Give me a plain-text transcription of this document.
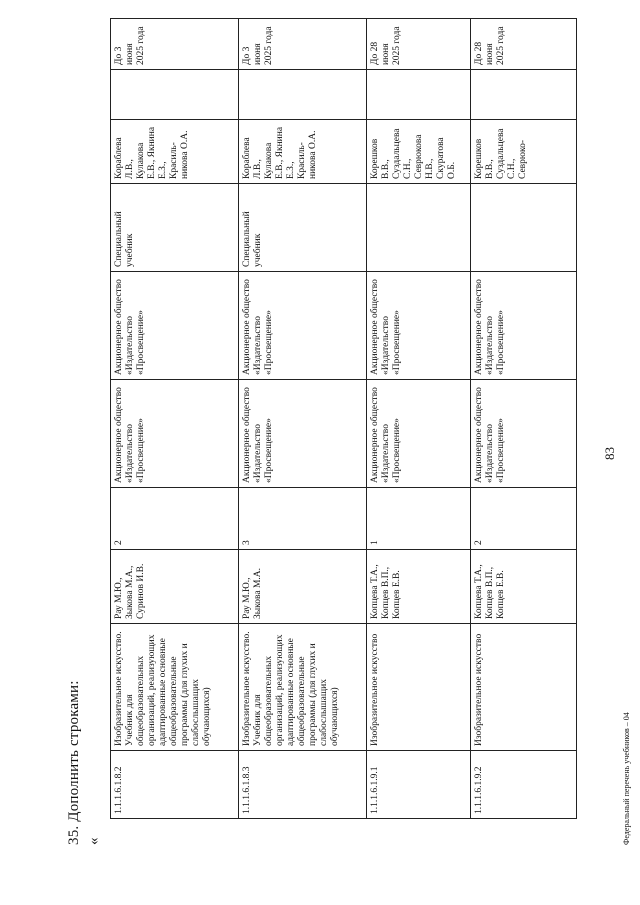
83
35. Дополнить строками: «
1.1.1.6.1.8.2	Изобразительное искусство. Учебник для общеобразовательных организаций, реализующих адаптированные основные общеобразовательные программы (для глухих и слабослышащих обучающихся)	Рау М.Ю., Зыкова М.А., Суринов И.В.	2	Акционерное общество «Издательство «Просвещение»	Акционерное общество «Издательство «Просвещение»	Специальный учебник	Кораблева Л.В., Кулакова Е.В., Якнина Е.З., Красильникова О.А.		До 3 июня 2025 года
1.1.1.6.1.8.3	Изобразительное искусство. Учебник для общеобразовательных организаций, реализующих адаптированные основные общеобразовательные программы (для глухих и слабослышащих обучающихся)	Рау М.Ю., Зыкова М.А.	3	Акционерное общество «Издательство «Просвещение»	Акционерное общество «Издательство «Просвещение»	Специальный учебник	Кораблева Л.В., Кулакова Е.В., Якнина Е.З., Красильникова О.А.		До 3 июня 2025 года
1.1.1.6.1.9.1	Изобразительное искусство	Копцева Т.А., Копцев В.П., Копцев Е.В.	1	Акционерное общество «Издательство «Просвещение»	Акционерное общество «Издательство «Просвещение»		Корешков В.В., Суздальцева С.Н., Севрюкова Н.В., Скуратова О.Б.		До 28 июня 2025 года
1.1.1.6.1.9.2	Изобразительное искусство	Копцева Т.А., Копцев В.П., Копцев Е.В.	2	Акционерное общество «Издательство «Просвещение»	Акционерное общество «Издательство «Просвещение»		Корешков В.В., Суздальцева С.Н., Севрюко-		До 28 июня 2025 года
Федеральный перечень учебников – 04
